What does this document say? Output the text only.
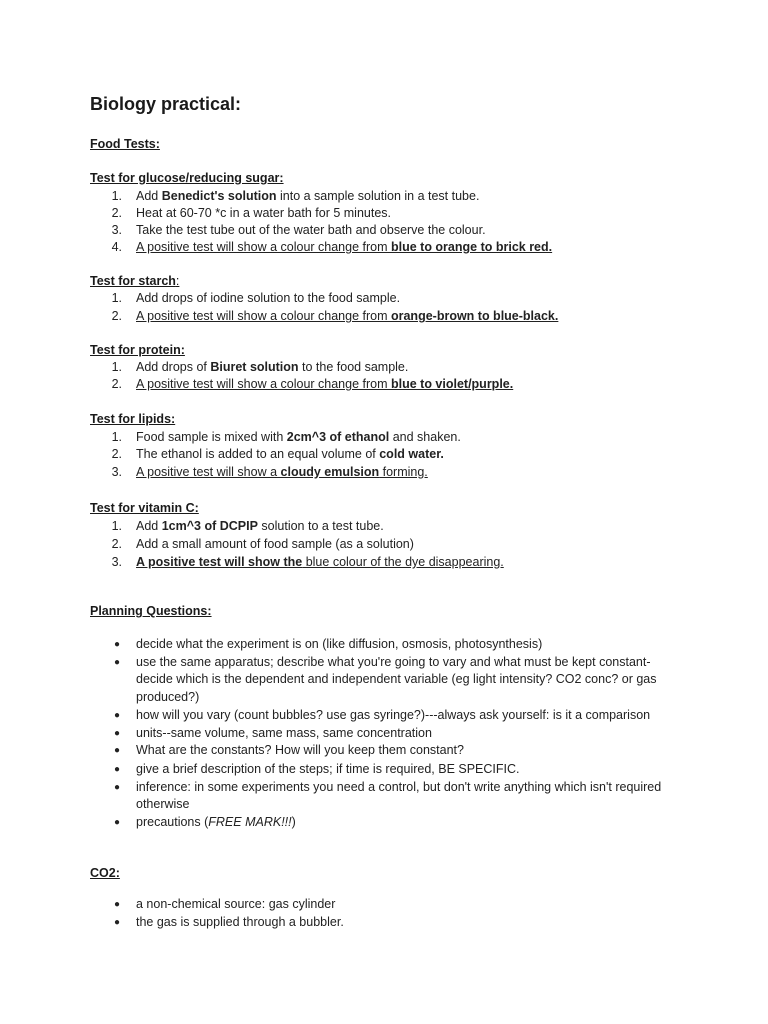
Biology practical:
Food Tests:
Test for glucose/reducing sugar:
1. Add Benedict's solution into a sample solution in a test tube.
2. Heat at 60-70 *c in a water bath for 5 minutes.
3. Take the test tube out of the water bath and observe the colour.
4. A positive test will show a colour change from blue to orange to brick red.
Test for starch:
1. Add drops of iodine solution to the food sample.
2. A positive test will show a colour change from orange-brown to blue-black.
Test for protein:
1. Add drops of Biuret solution to the food sample.
2. A positive test will show a colour change from blue to violet/purple.
Test for lipids:
1. Food sample is mixed with 2cm^3 of ethanol and shaken.
2. The ethanol is added to an equal volume of cold water.
3. A positive test will show a cloudy emulsion forming.
Test for vitamin C:
1. Add 1cm^3 of DCPIP solution to a test tube.
2. Add a small amount of food sample (as a solution)
3. A positive test will show the blue colour of the dye disappearing.
Planning Questions:
●	decide what the experiment is on (like diffusion, osmosis, photosynthesis)
●	use the same apparatus; describe what you're going to vary and what must be kept constant-
decide which is the dependent and independent variable (eg light intensity? CO2 conc? or gas
produced?)
●	how will you vary (count bubbles? use gas syringe?)---always ask yourself: is it a comparison
●	units--same volume, same mass, same concentration
●	What are the constants? How will you keep them constant?
●	give a brief description of the steps; if time is required, BE SPECIFIC.
●	inference: in some experiments you need a control, but don't write anything which isn't required
otherwise
●	precautions (FREE MARK!!!)
CO2:
●	a non-chemical source: gas cylinder
●	the gas is supplied through a bubbler.
